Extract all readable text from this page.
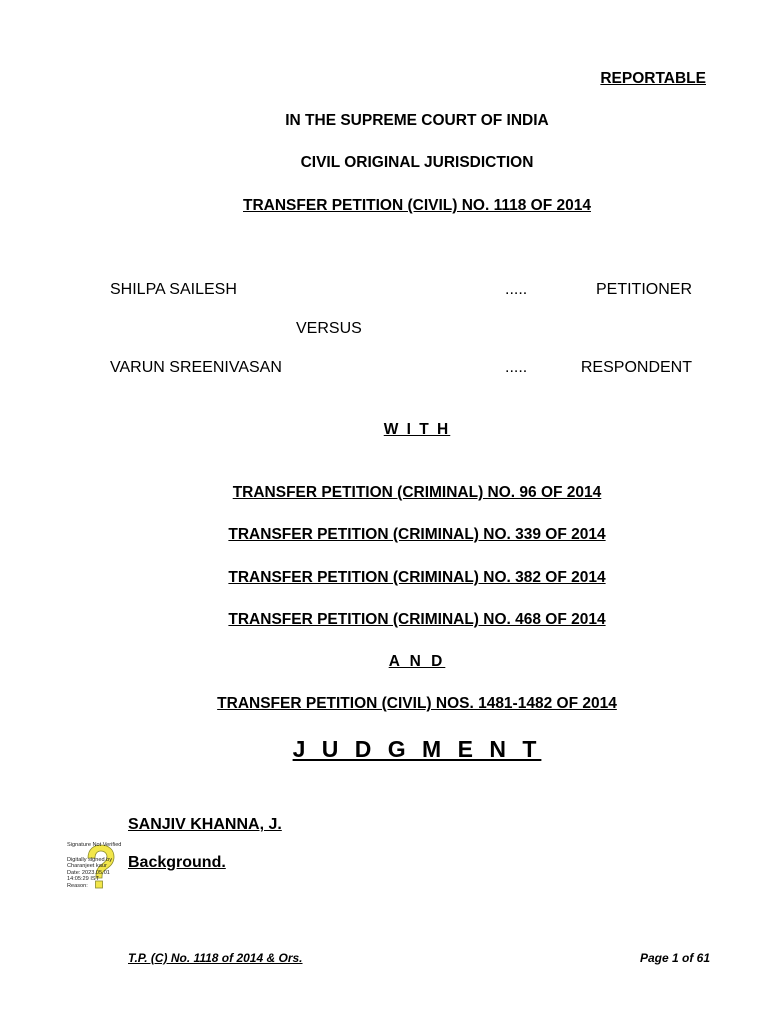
REPORTABLE
IN THE SUPREME COURT OF INDIA
CIVIL ORIGINAL JURISDICTION
TRANSFER PETITION (CIVIL) NO. 1118 OF 2014
SHILPA SAILESH	.....	PETITIONER
VERSUS
VARUN SREENIVASAN	.....	RESPONDENT
W I T H
TRANSFER PETITION (CRIMINAL) NO. 96 OF 2014
TRANSFER PETITION (CRIMINAL) NO. 339 OF 2014
TRANSFER PETITION (CRIMINAL) NO. 382 OF 2014
TRANSFER PETITION (CRIMINAL) NO. 468 OF 2014
A N D
TRANSFER PETITION (CIVIL) NOS. 1481-1482 OF 2014
J U D G M E N T
SANJIV KHANNA, J.
Signature Not Verified
Digitally signed by
Charanjeet kaur
Date: 2023.05.01
14:05:29 IST
Reason:
Background.
T.P. (C) No. 1118 of 2014 & Ors.	Page 1 of 61
